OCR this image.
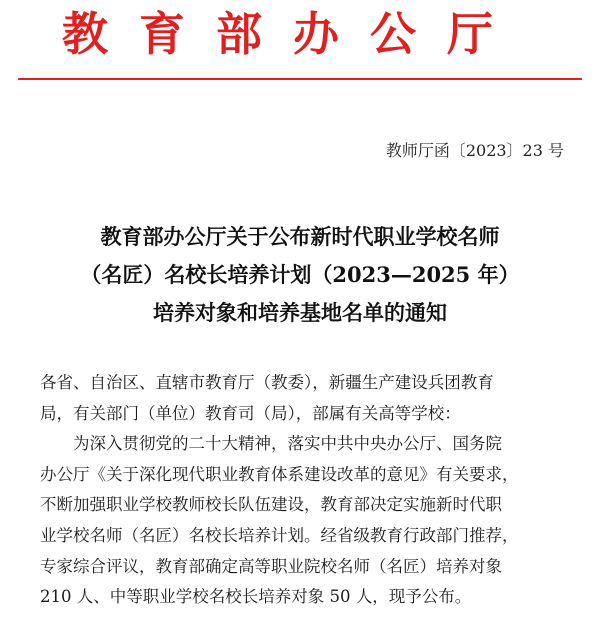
教育部办公厅
教师厅函〔2023〕23 号
教育部办公厅关于公布新时代职业学校名师
（名匠）名校长培养计划（2023—2025 年）
培养对象和培养基地名单的通知
各省、自治区、直辖市教育厅（教委），新疆生产建设兵团教育
局，有关部门（单位）教育司（局），部属有关高等学校：
为深入贯彻党的二十大精神，落实中共中央办公厅、国务院
办公厅《关于深化现代职业教育体系建设改革的意见》有关要求，
不断加强职业学校教师校长队伍建设，教育部决定实施新时代职
业学校名师（名匠）名校长培养计划。经省级教育行政部门推荐，
专家综合评议，教育部确定高等职业院校名师（名匠）培养对象
210 人、中等职业学校名校长培养对象 50 人，现予公布。
